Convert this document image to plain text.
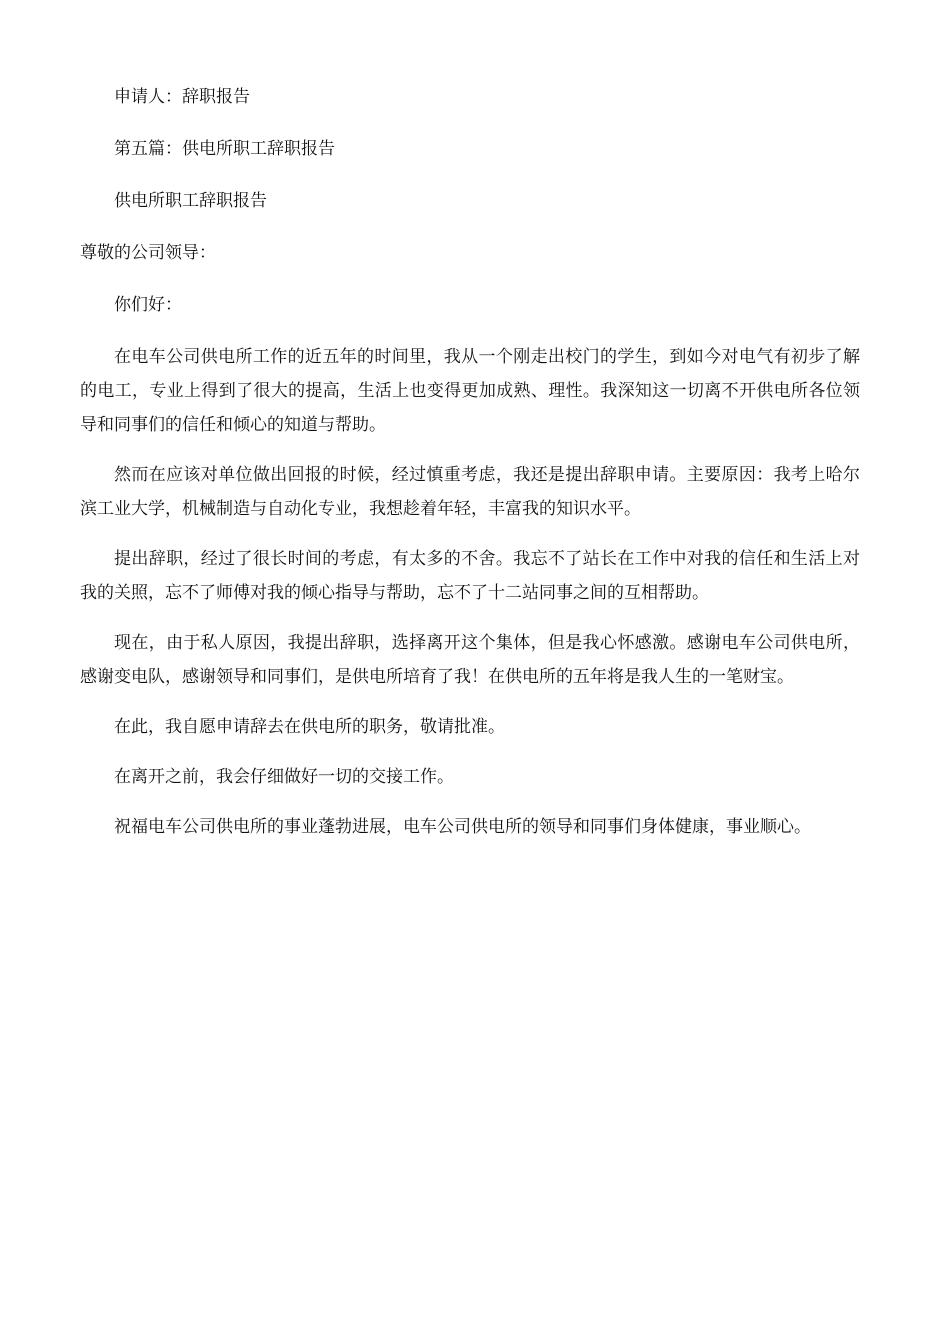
申请人：辞职报告

第五篇：供电所职工辞职报告

供电所职工辞职报告

尊敬的公司领导：

你们好：

在电车公司供电所工作的近五年的时间里，我从一个刚走出校门的学生，到如今对电气有初步了解的电工，专业上得到了很大的提高，生活上也变得更加成熟、理性。我深知这一切离不开供电所各位领导和同事们的信任和倾心的知道与帮助。

然而在应该对单位做出回报的时候，经过慎重考虑，我还是提出辞职申请。主要原因：我考上哈尔滨工业大学，机械制造与自动化专业，我想趁着年轻，丰富我的知识水平。

提出辞职，经过了很长时间的考虑，有太多的不舍。我忘不了站长在工作中对我的信任和生活上对我的关照，忘不了师傅对我的倾心指导与帮助，忘不了十二站同事之间的互相帮助。

现在，由于私人原因，我提出辞职，选择离开这个集体，但是我心怀感激。感谢电车公司供电所，感谢变电队，感谢领导和同事们，是供电所培育了我！在供电所的五年将是我人生的一笔财宝。

在此，我自愿申请辞去在供电所的职务，敬请批准。

在离开之前，我会仔细做好一切的交接工作。

祝福电车公司供电所的事业蓬勃进展，电车公司供电所的领导和同事们身体健康，事业顺心。
